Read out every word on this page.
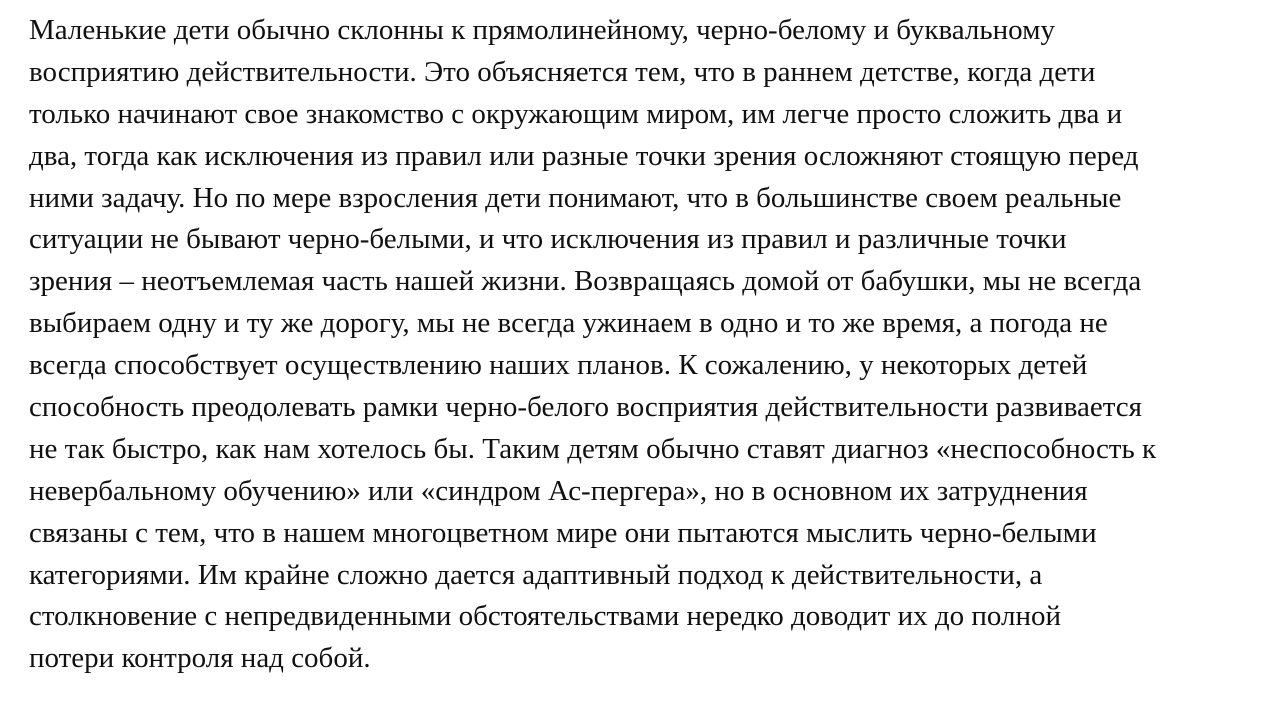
Маленькие дети обычно склонны к прямолинейному, черно-белому и буквальному
восприятию действительности. Это объясняется тем, что в раннем детстве, когда дети
только начинают свое знакомство с окружающим миром, им легче просто сложить два и
два, тогда как исключения из правил или разные точки зрения осложняют стоящую перед
ними задачу. Но по мере взросления дети понимают, что в большинстве своем реальные
ситуации не бывают черно-белыми, и что исключения из правил и различные точки
зрения – неотъемлемая часть нашей жизни. Возвращаясь домой от бабушки, мы не всегда
выбираем одну и ту же дорогу, мы не всегда ужинаем в одно и то же время, а погода не
всегда способствует осуществлению наших планов. К сожалению, у некоторых детей
способность преодолевать рамки черно-белого восприятия действительности развивается
не так быстро, как нам хотелось бы. Таким детям обычно ставят диагноз «неспособность к
невербальному обучению» или «синдром Ас-пергера», но в основном их затруднения
связаны с тем, что в нашем многоцветном мире они пытаются мыслить черно-белыми
категориями. Им крайне сложно дается адаптивный подход к действительности, а
столкновение с непредвиденными обстоятельствами нередко доводит их до полной
потери контроля над собой.
